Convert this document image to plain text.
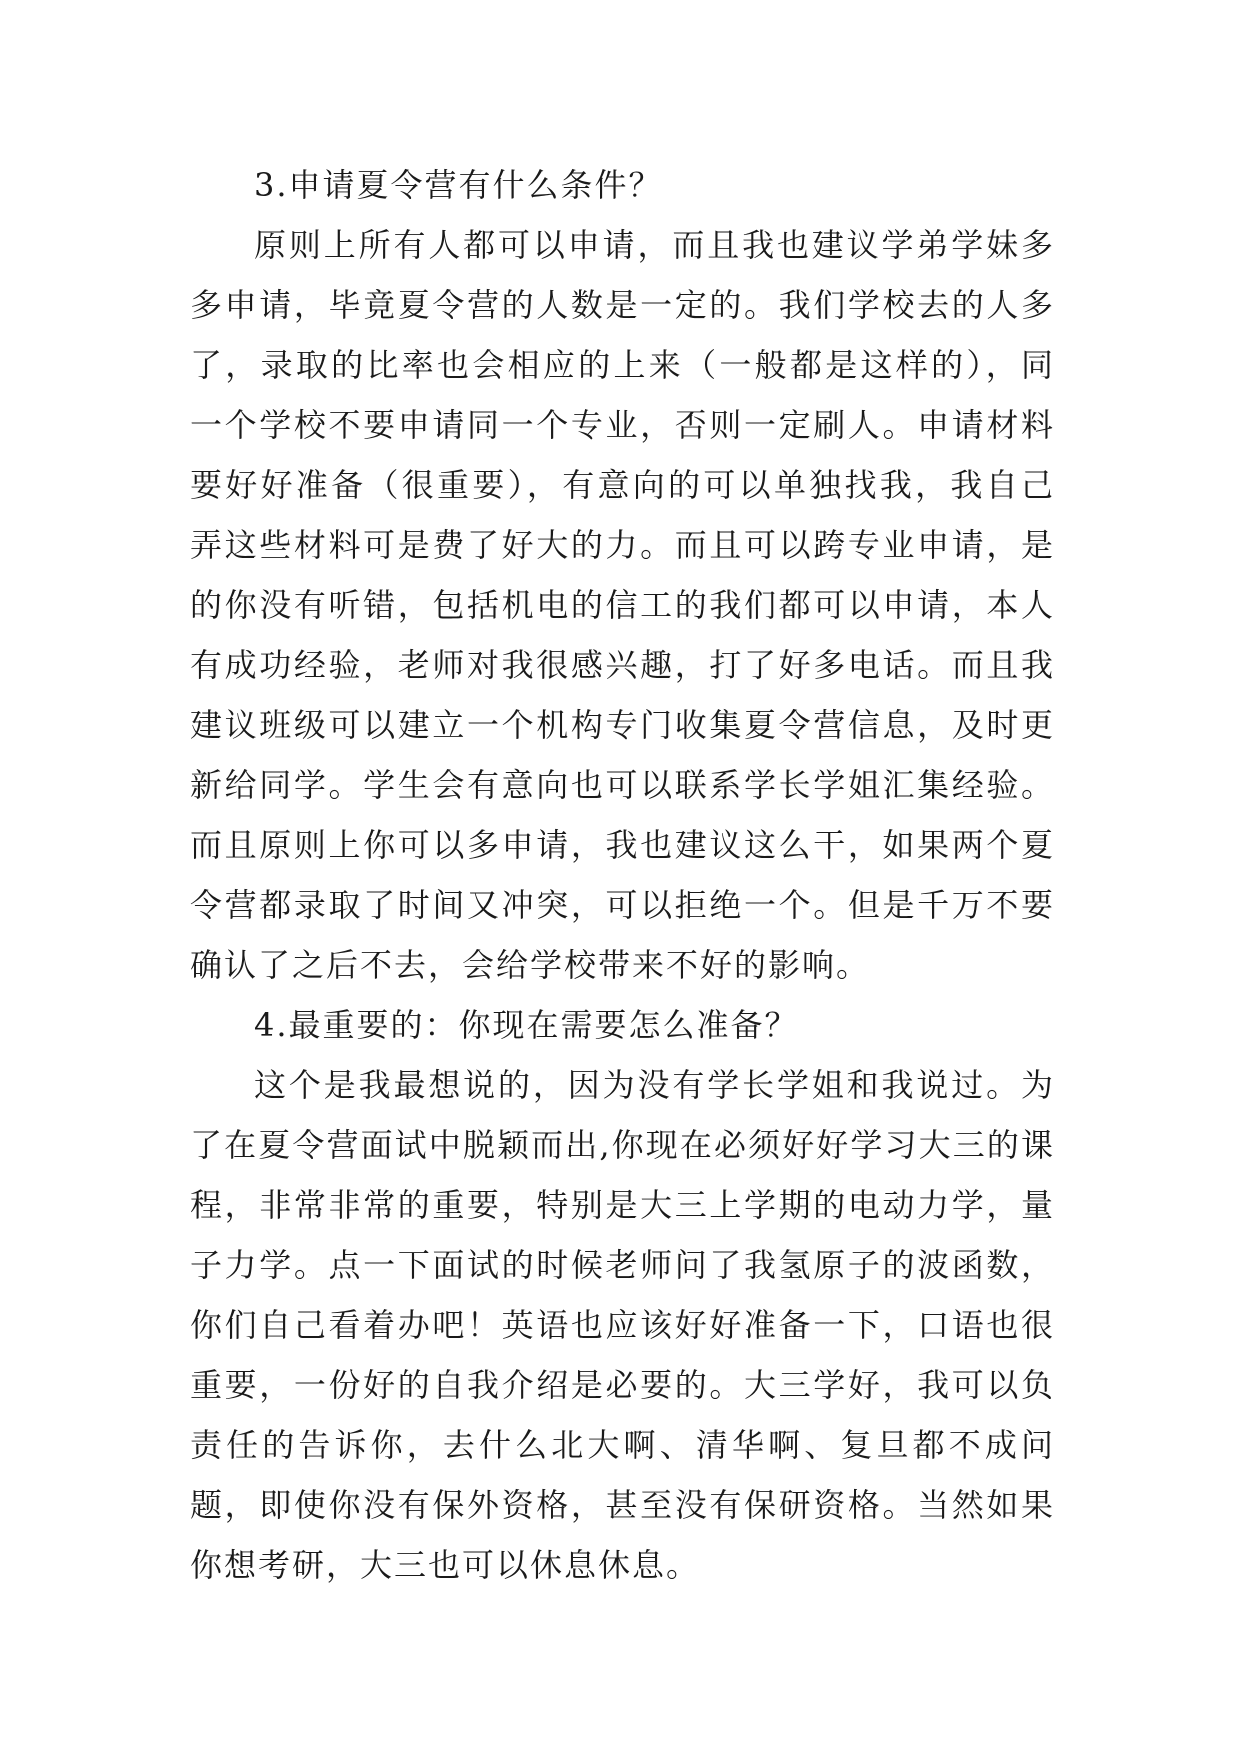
3.申请夏令营有什么条件？

原则上所有人都可以申请，而且我也建议学弟学妹多多申请，毕竟夏令营的人数是一定的。我们学校去的人多了，录取的比率也会相应的上来（一般都是这样的），同一个学校不要申请同一个专业，否则一定刷人。申请材料要好好准备（很重要），有意向的可以单独找我，我自己弄这些材料可是费了好大的力。而且可以跨专业申请，是的你没有听错，包括机电的信工的我们都可以申请，本人有成功经验，老师对我很感兴趣，打了好多电话。而且我建议班级可以建立一个机构专门收集夏令营信息，及时更新给同学。学生会有意向也可以联系学长学姐汇集经验。而且原则上你可以多申请，我也建议这么干，如果两个夏令营都录取了时间又冲突，可以拒绝一个。但是千万不要确认了之后不去，会给学校带来不好的影响。

4.最重要的：你现在需要怎么准备？

这个是我最想说的，因为没有学长学姐和我说过。为了在夏令营面试中脱颖而出,你现在必须好好学习大三的课程，非常非常的重要，特别是大三上学期的电动力学，量子力学。点一下面试的时候老师问了我氢原子的波函数，你们自己看着办吧！英语也应该好好准备一下，口语也很重要，一份好的自我介绍是必要的。大三学好，我可以负责任的告诉你，去什么北大啊、清华啊、复旦都不成问题，即使你没有保外资格，甚至没有保研资格。当然如果你想考研，大三也可以休息休息。
